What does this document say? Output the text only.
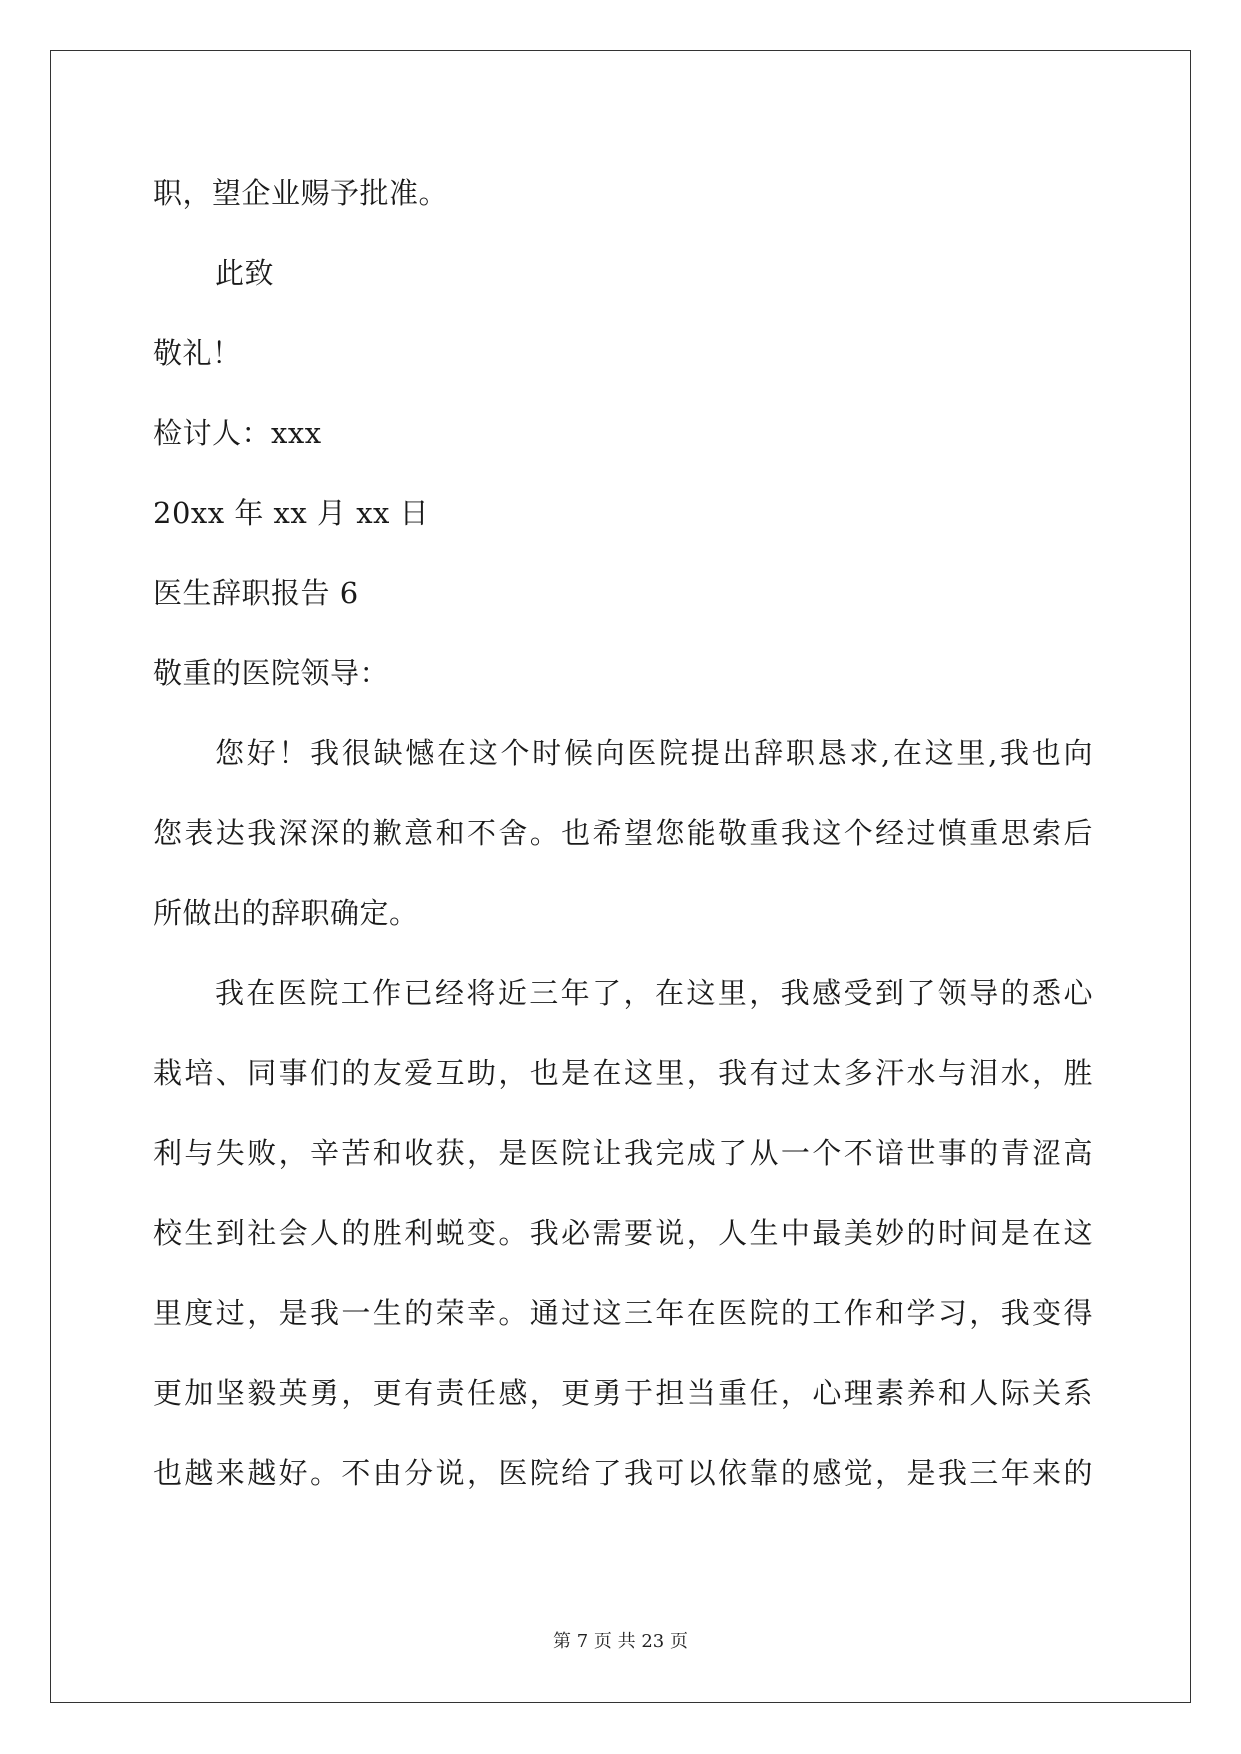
职，望企业赐予批准。
此致
敬礼！
检讨人：xxx
20xx 年 xx 月 xx 日
医生辞职报告 6
敬重的医院领导：
您好！我很缺憾在这个时候向医院提出辞职恳求,在这里,我也向
您表达我深深的歉意和不舍。也希望您能敬重我这个经过慎重思索后
所做出的辞职确定。
我在医院工作已经将近三年了，在这里，我感受到了领导的悉心
栽培、同事们的友爱互助，也是在这里，我有过太多汗水与泪水，胜
利与失败，辛苦和收获，是医院让我完成了从一个不谙世事的青涩高
校生到社会人的胜利蜕变。我必需要说，人生中最美妙的时间是在这
里度过，是我一生的荣幸。通过这三年在医院的工作和学习，我变得
更加坚毅英勇，更有责任感，更勇于担当重任，心理素养和人际关系
也越来越好。不由分说，医院给了我可以依靠的感觉，是我三年来的
第 7 页 共 23 页
